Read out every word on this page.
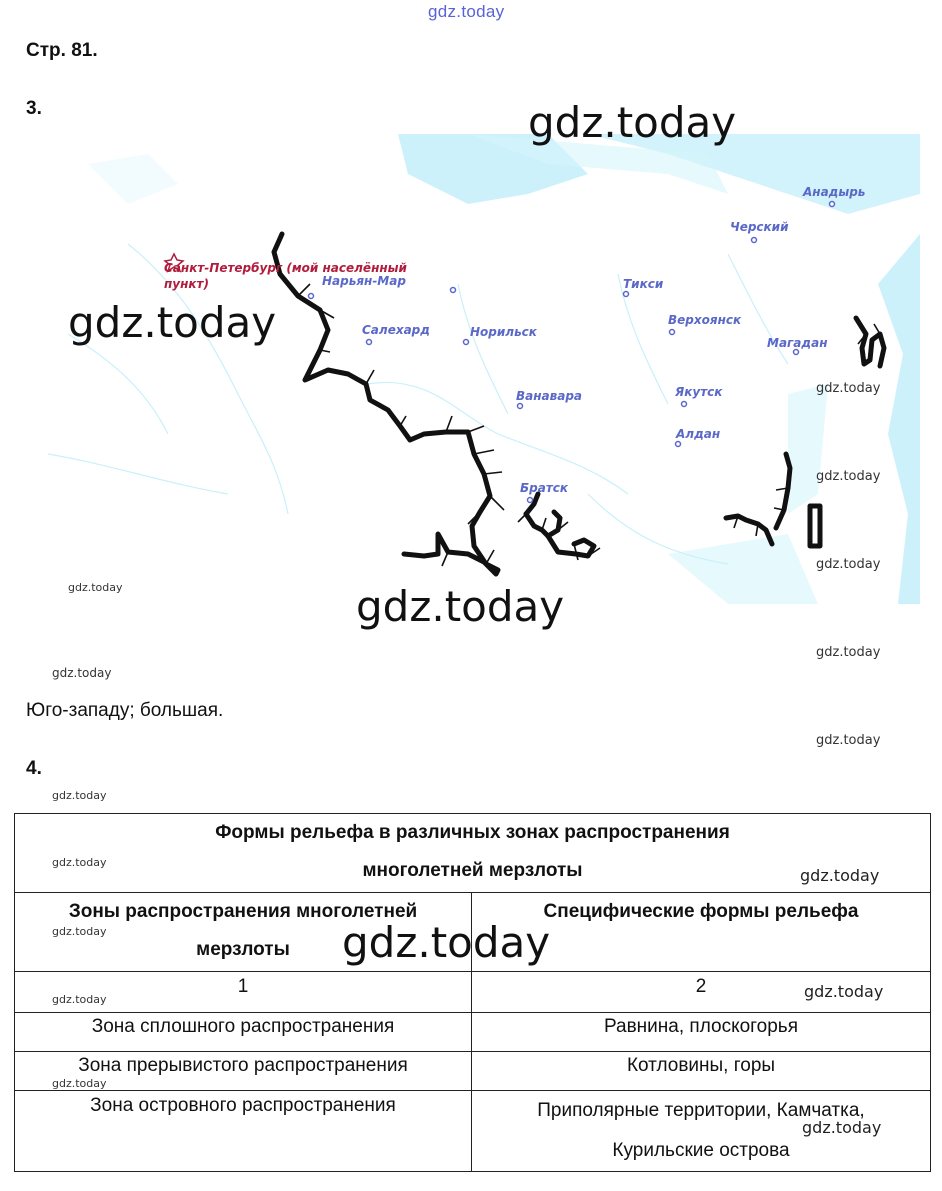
gdz.today
Стр. 81.
3.
Санкт-Петербург (мой населённый
пункт)	Нарьян-Мар
Салехард	Норильск
Ванавара
Братск
Тикси
Верхоянск
Якутск
Алдан
Черский
Анадырь
Магадан
gdz.today
gdz.today
gdz.today
gdz.today
gdz.today
gdz.today
gdz.today
gdz.today
gdz.today
Юго-западу; большая.
gdz.today
4.
gdz.today
Формы рельефа в различных зонах распространения многолетней мерзлоты	
Зоны распространения многолетней мерзлоты	Специфические формы рельефа
1	2
Зона сплошного распространения	Равнина, плоскогорья
Зона прерывистого распространения	Котловины, горы
Зона островного распространения	Приполярные территории, Камчатка, Курильские острова
gdz.today
gdz.today
gdz.today	gdz.today
gdz.today	gdz.today
gdz.today
gdz.today
